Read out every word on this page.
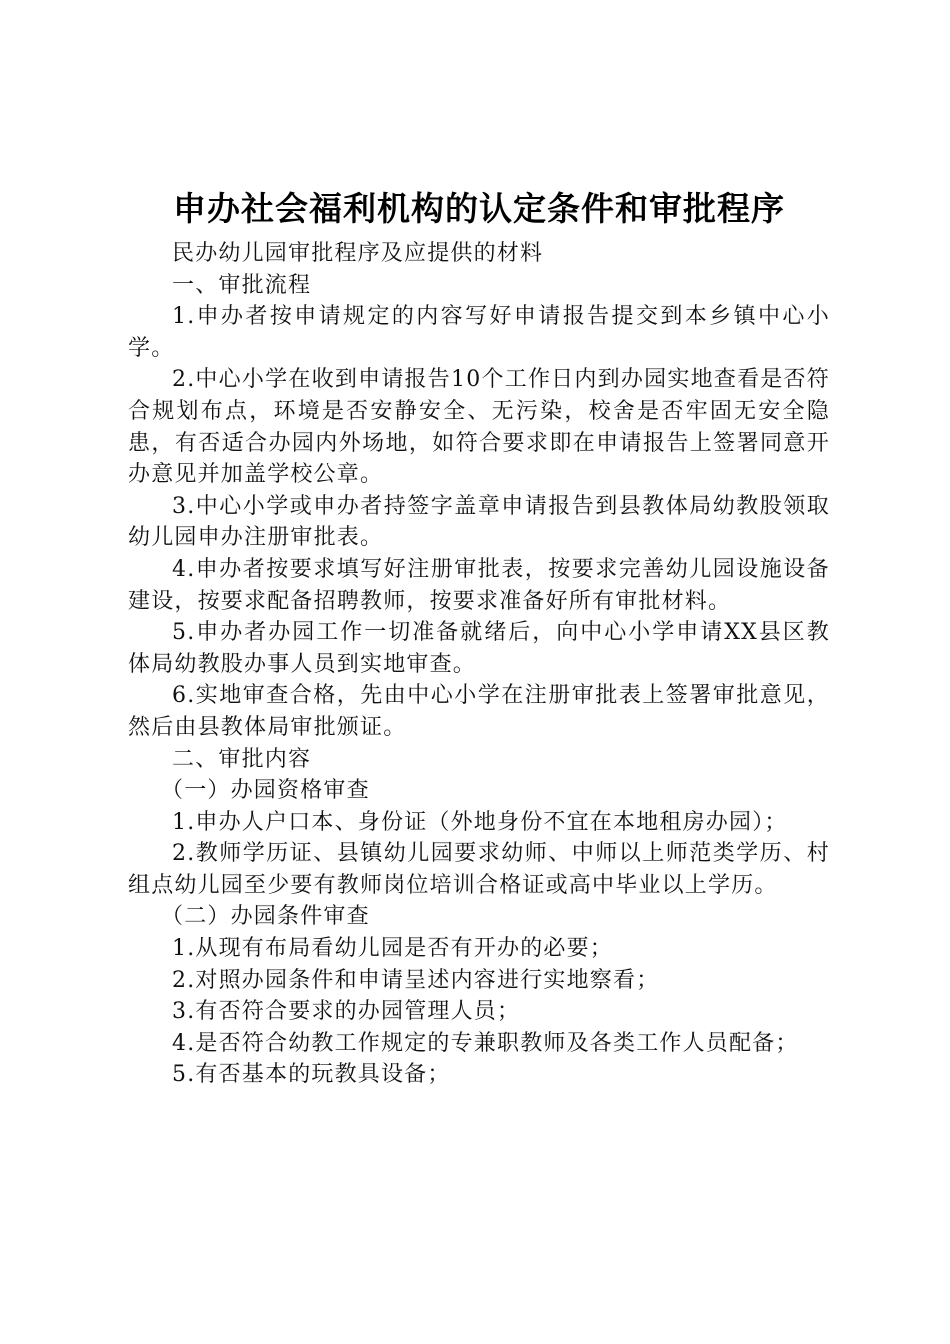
申办社会福利机构的认定条件和审批程序

民办幼儿园审批程序及应提供的材料

一、审批流程

1.申办者按申请规定的内容写好申请报告提交到本乡镇中心小学。

2.中心小学在收到申请报告10个工作日内到办园实地查看是否符合规划布点，环境是否安静安全、无污染，校舍是否牢固无安全隐患，有否适合办园内外场地，如符合要求即在申请报告上签署同意开办意见并加盖学校公章。

3.中心小学或申办者持签字盖章申请报告到县教体局幼教股领取幼儿园申办注册审批表。

4.申办者按要求填写好注册审批表，按要求完善幼儿园设施设备建设，按要求配备招聘教师，按要求准备好所有审批材料。

5.申办者办园工作一切准备就绪后，向中心小学申请XX县区教体局幼教股办事人员到实地审查。

6.实地审查合格，先由中心小学在注册审批表上签署审批意见，然后由县教体局审批颁证。

二、审批内容

（一）办园资格审查

1.申办人户口本、身份证（外地身份不宜在本地租房办园）；

2.教师学历证、县镇幼儿园要求幼师、中师以上师范类学历、村组点幼儿园至少要有教师岗位培训合格证或高中毕业以上学历。

（二）办园条件审查

1.从现有布局看幼儿园是否有开办的必要；

2.对照办园条件和申请呈述内容进行实地察看；

3.有否符合要求的办园管理人员；

4.是否符合幼教工作规定的专兼职教师及各类工作人员配备；

5.有否基本的玩教具设备；
